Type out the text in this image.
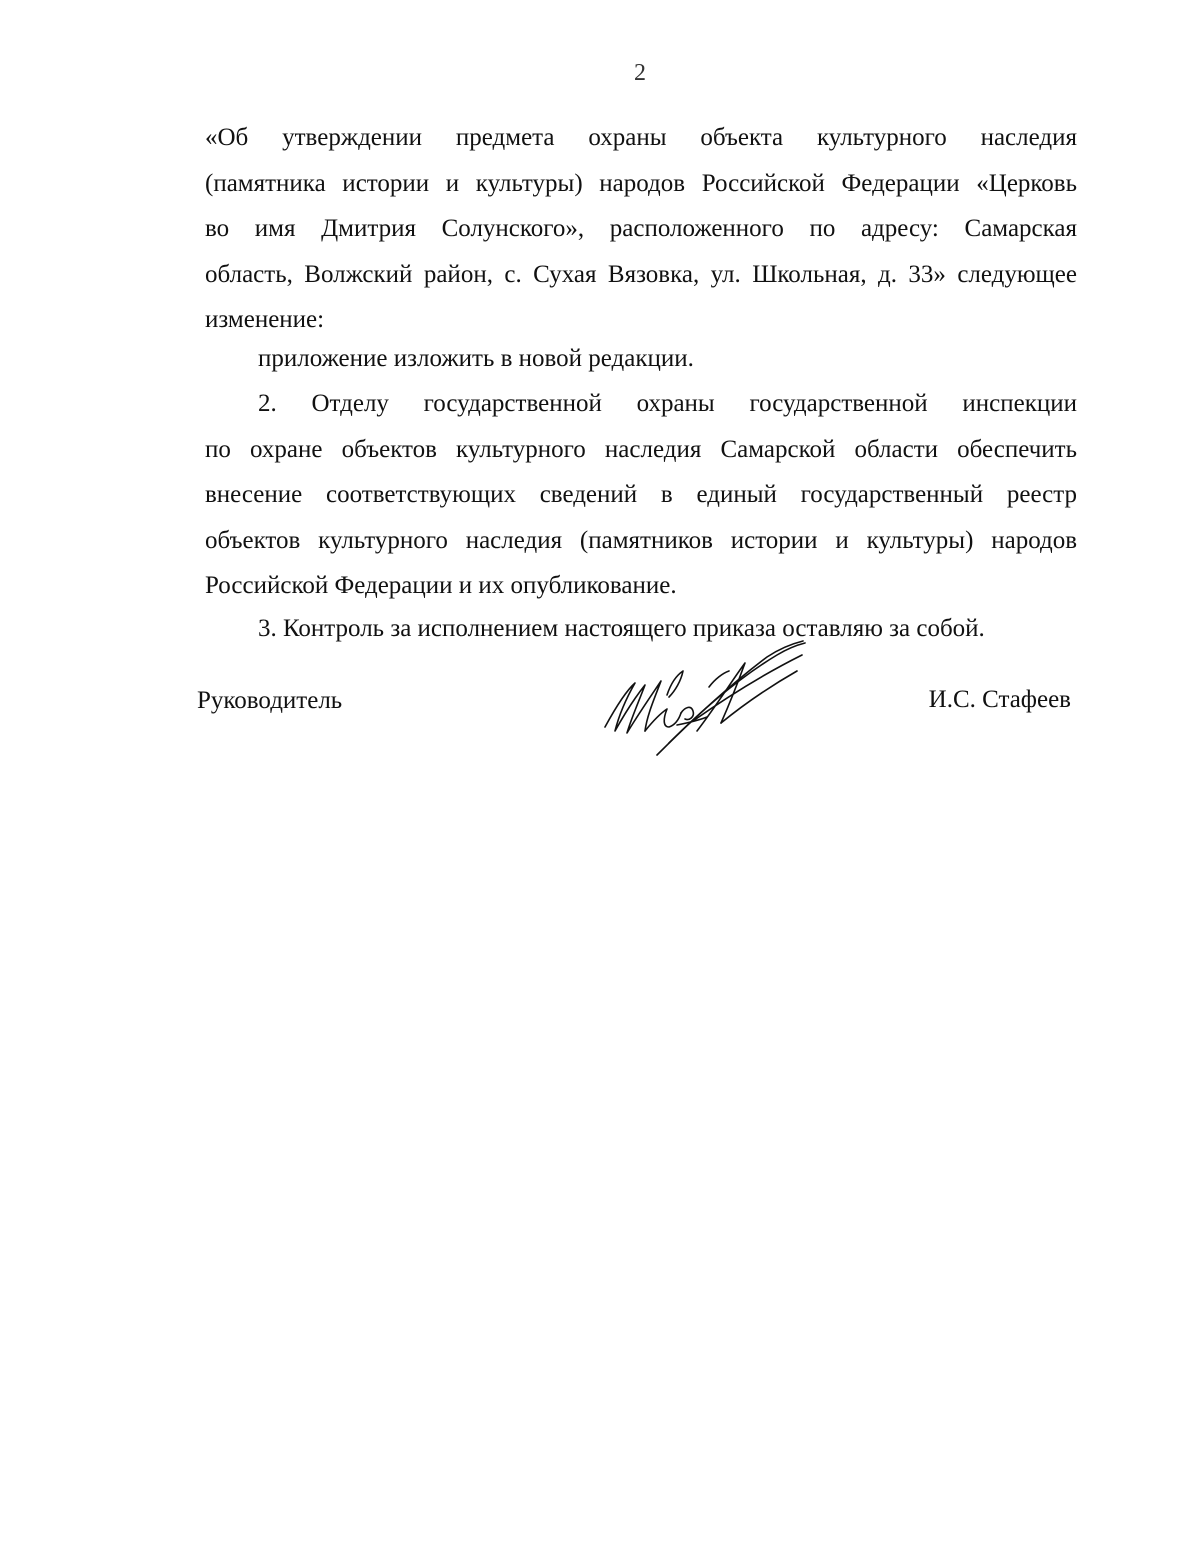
2
«Об утверждении предмета охраны объекта культурного наследия
(памятника истории и культуры) народов Российской Федерации «Церковь
во имя Дмитрия Солунского», расположенного по адресу: Самарская
область, Волжский район, с. Сухая Вязовка, ул. Школьная, д. 33» следующее
изменение:
приложение изложить в новой редакции.
2. Отделу государственной охраны государственной инспекции
по охране объектов культурного наследия Самарской области обеспечить
внесение соответствующих сведений в единый государственный реестр
объектов культурного наследия (памятников истории и культуры) народов
Российской Федерации и их опубликование.
3. Контроль за исполнением настоящего приказа оставляю за собой.
Руководитель	И.С. Стафеев
